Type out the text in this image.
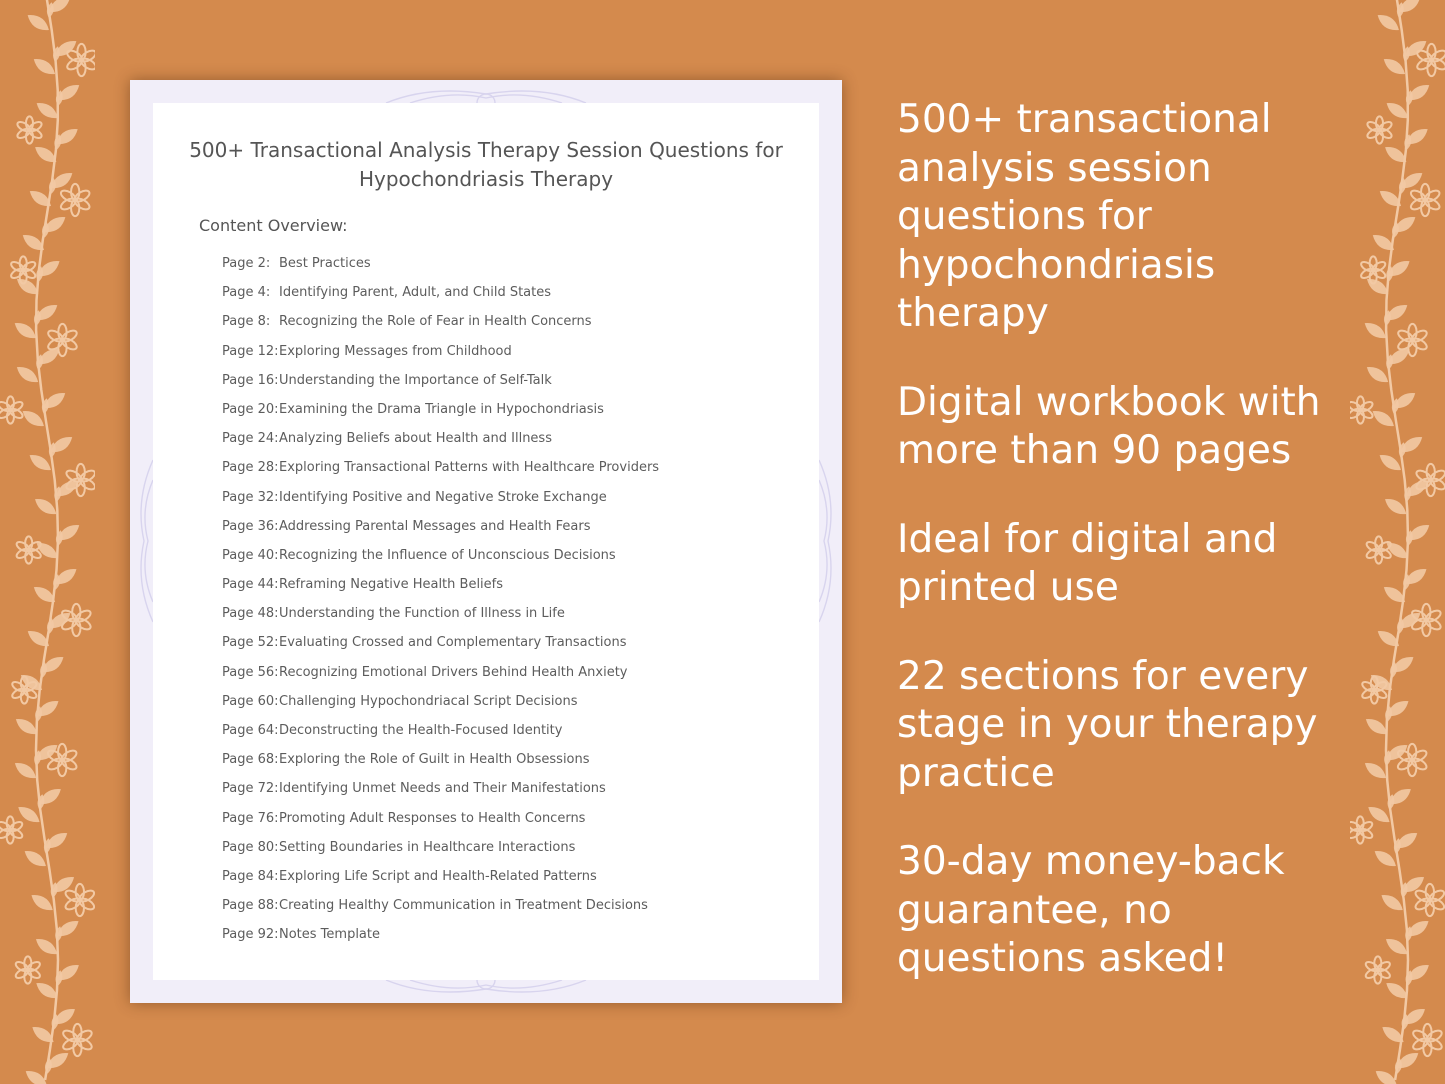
500+ Transactional Analysis Therapy Session Questions for
Hypochondriasis Therapy

Content Overview:

Page 2: Best Practices
Page 4: Identifying Parent, Adult, and Child States
Page 8: Recognizing the Role of Fear in Health Concerns
Page 12:Exploring Messages from Childhood
Page 16:Understanding the Importance of Self-Talk
Page 20:Examining the Drama Triangle in Hypochondriasis
Page 24:Analyzing Beliefs about Health and Illness
Page 28:Exploring Transactional Patterns with Healthcare Providers
Page 32:Identifying Positive and Negative Stroke Exchange
Page 36:Addressing Parental Messages and Health Fears
Page 40:Recognizing the Influence of Unconscious Decisions
Page 44:Reframing Negative Health Beliefs
Page 48:Understanding the Function of Illness in Life
Page 52:Evaluating Crossed and Complementary Transactions
Page 56:Recognizing Emotional Drivers Behind Health Anxiety
Page 60:Challenging Hypochondriacal Script Decisions
Page 64:Deconstructing the Health-Focused Identity
Page 68:Exploring the Role of Guilt in Health Obsessions
Page 72:Identifying Unmet Needs and Their Manifestations
Page 76:Promoting Adult Responses to Health Concerns
Page 80:Setting Boundaries in Healthcare Interactions
Page 84:Exploring Life Script and Health-Related Patterns
Page 88:Creating Healthy Communication in Treatment Decisions
Page 92:Notes Template

500+ transactional analysis session questions for hypochondriasis therapy

Digital workbook with more than 90 pages

Ideal for digital and printed use

22 sections for every stage in your therapy practice

30-day money-back guarantee, no questions asked!
